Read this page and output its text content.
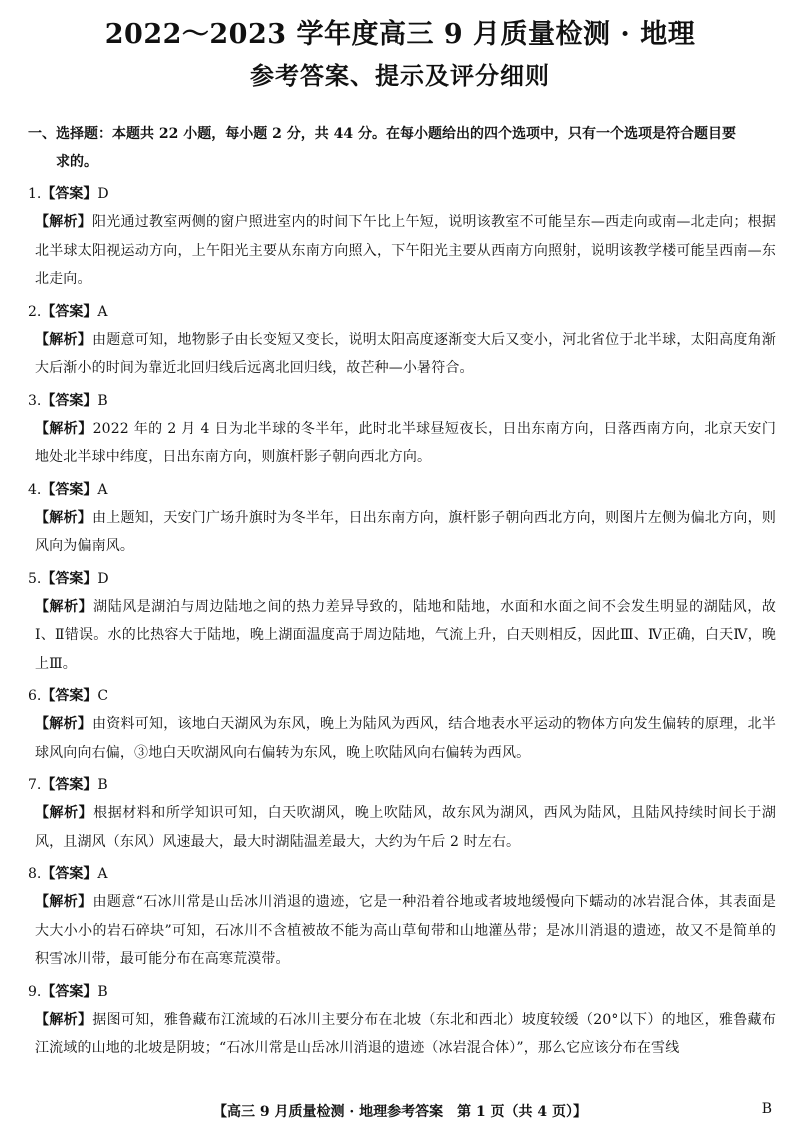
2022～2023 学年度高三 9 月质量检测 · 地理
参考答案、提示及评分细则
一、选择题：本题共 22 小题，每小题 2 分，共 44 分。在每小题给出的四个选项中，只有一个选项是符合题目要
求的。
1.【答案】D
【解析】阳光通过教室两侧的窗户照进室内的时间下午比上午短，说明该教室不可能呈东—西走向或南—北走向；根据北半球太阳视运动方向，上午阳光主要从东南方向照入，下午阳光主要从西南方向照射，说明该教学楼可能呈西南—东北走向。
2.【答案】A
【解析】由题意可知，地物影子由长变短又变长，说明太阳高度逐渐变大后又变小，河北省位于北半球，太阳高度角渐大后渐小的时间为靠近北回归线后远离北回归线，故芒种—小暑符合。
3.【答案】B
【解析】2022 年的 2 月 4 日为北半球的冬半年，此时北半球昼短夜长，日出东南方向，日落西南方向，北京天安门地处北半球中纬度，日出东南方向，则旗杆影子朝向西北方向。
4.【答案】A
【解析】由上题知，天安门广场升旗时为冬半年，日出东南方向，旗杆影子朝向西北方向，则图片左侧为偏北方向，则风向为偏南风。
5.【答案】D
【解析】湖陆风是湖泊与周边陆地之间的热力差异导致的，陆地和陆地，水面和水面之间不会发生明显的湖陆风，故Ⅰ、Ⅱ错误。水的比热容大于陆地，晚上湖面温度高于周边陆地，气流上升，白天则相反，因此Ⅲ、Ⅳ正确，白天Ⅳ，晚上Ⅲ。
6.【答案】C
【解析】由资料可知，该地白天湖风为东风，晚上为陆风为西风，结合地表水平运动的物体方向发生偏转的原理，北半球风向向右偏，③地白天吹湖风向右偏转为东风，晚上吹陆风向右偏转为西风。
7.【答案】B
【解析】根据材料和所学知识可知，白天吹湖风，晚上吹陆风，故东风为湖风，西风为陆风，且陆风持续时间长于湖风，且湖风（东风）风速最大，最大时湖陆温差最大，大约为午后 2 时左右。
8.【答案】A
【解析】由题意“石冰川常是山岳冰川消退的遗迹，它是一种沿着谷地或者坡地缓慢向下蠕动的冰岩混合体，其表面是大大小小的岩石碎块”可知，石冰川不含植被故不能为高山草甸带和山地灌丛带；是冰川消退的遗迹，故又不是简单的积雪冰川带，最可能分布在高寒荒漠带。
9.【答案】B
【解析】据图可知，雅鲁藏布江流域的石冰川主要分布在北坡（东北和西北）坡度较缓（20°以下）的地区，雅鲁藏布江流域的山地的北坡是阴坡；“石冰川常是山岳冰川消退的遗迹（冰岩混合体）”，那么它应该分布在雪线
【高三 9 月质量检测 · 地理参考答案　第 1 页（共 4 页）】	B
